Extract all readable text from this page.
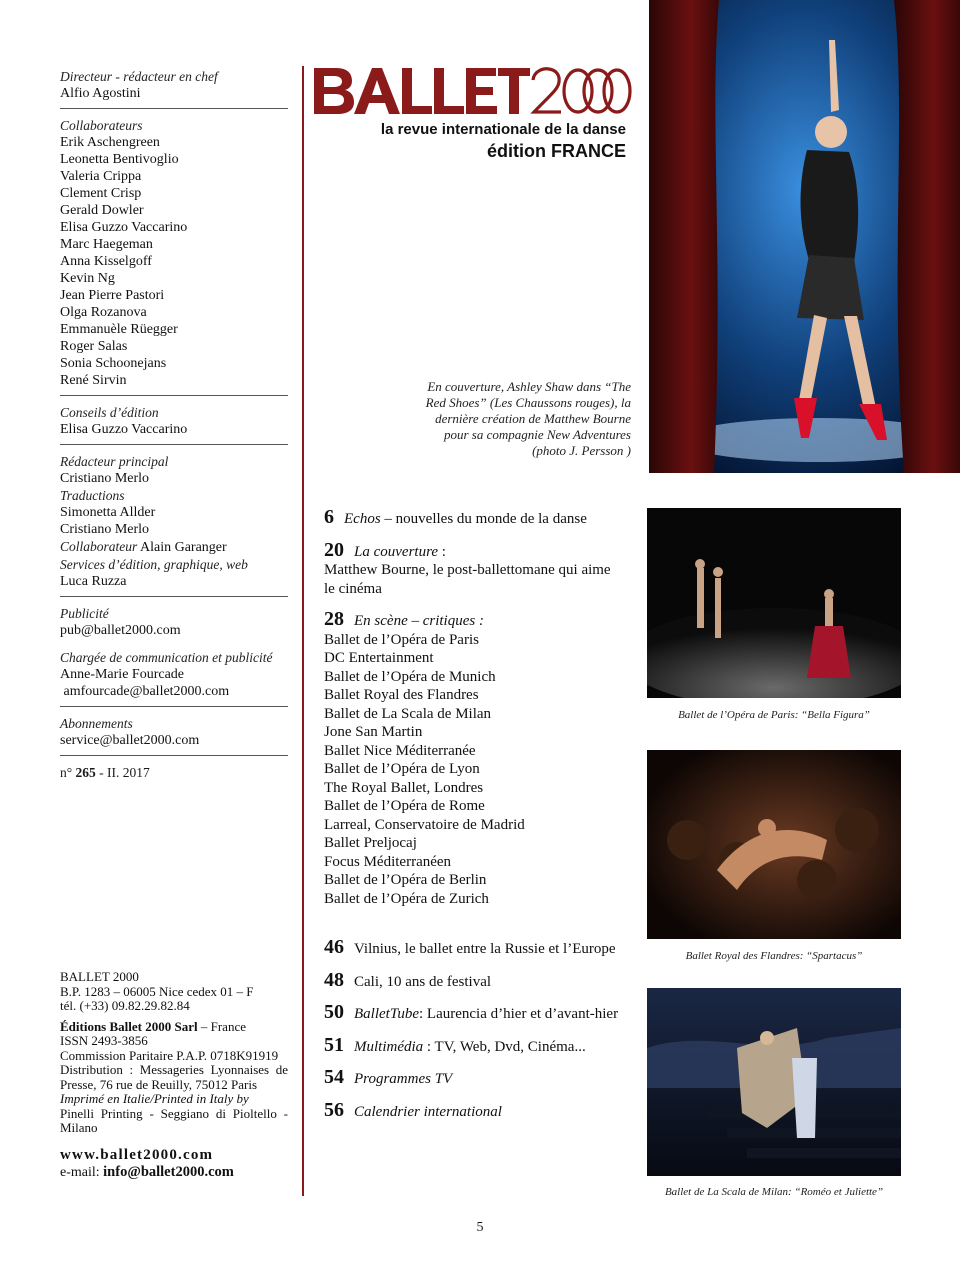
Directeur - rédacteur en chef
Alfio Agostini
Collaborateurs
Erik Aschengreen
Leonetta Bentivoglio
Valeria Crippa
Clement Crisp
Gerald Dowler
Elisa Guzzo Vaccarino
Marc Haegeman
Anna Kisselgoff
Kevin Ng
Jean Pierre Pastori
Olga Rozanova
Emmanuèle Rüegger
Roger Salas
Sonia Schoonejans
René Sirvin
Conseils d’édition
Elisa Guzzo Vaccarino
Rédacteur principal
Cristiano Merlo
Traductions
Simonetta Allder
Cristiano Merlo
Collaborateur Alain Garanger
Services d’édition, graphique, web
Luca Ruzza
Publicité
pub@ballet2000.com
Chargée de communication et publicité
Anne-Marie Fourcade
amfourcade@ballet2000.com
Abonnements
service@ballet2000.com
n° 265 - II. 2017
BALLET 2000
B.P. 1283 – 06005 Nice cedex 01 – F
tél. (+33) 09.82.29.82.84
Éditions Ballet 2000 Sarl – France
ISSN 2493-3856
Commission Paritaire P.A.P. 0718K91919
Distribution : Messageries Lyonnaises de Presse, 76 rue de Reuilly, 75012 Paris
Imprimé en Italie/Printed in Italy by
Pinelli Printing - Seggiano di Pioltello - Milano
www.ballet2000.com
e-mail: info@ballet2000.com
la revue internationale de la danse
édition FRANCE
En couverture, Ashley Shaw dans “The Red Shoes” (Les Chaussons rouges), la dernière création de Matthew Bourne pour sa compagnie New Adventures (photo J. Persson )
6 Echos – nouvelles du monde de la danse
20 La couverture :
Matthew Bourne, le post-ballettomane qui aime le cinéma
28 En scène – critiques :
Ballet de l’Opéra de Paris
DC Entertainment
Ballet de l’Opéra de Munich
Ballet Royal des Flandres
Ballet de La Scala de Milan
Jone San Martin
Ballet Nice Méditerranée
Ballet de l’Opéra de Lyon
The Royal Ballet, Londres
Ballet de l’Opéra de Rome
Larreal, Conservatoire de Madrid
Ballet Preljocaj
Focus Méditerranéen
Ballet de l’Opéra de Berlin
Ballet de l’Opéra de Zurich
46 Vilnius, le ballet entre la Russie et l’Europe
48 Cali, 10 ans de festival
50 BalletTube: Laurencia d’hier et d’avant-hier
51 Multimédia : TV, Web, Dvd, Cinéma...
54 Programmes TV
56 Calendrier international
Ballet de l’Opéra de Paris: “Bella Figura”
Ballet Royal des Flandres: “Spartacus”
Ballet de La Scala de Milan: “Roméo et Juliette”
5
